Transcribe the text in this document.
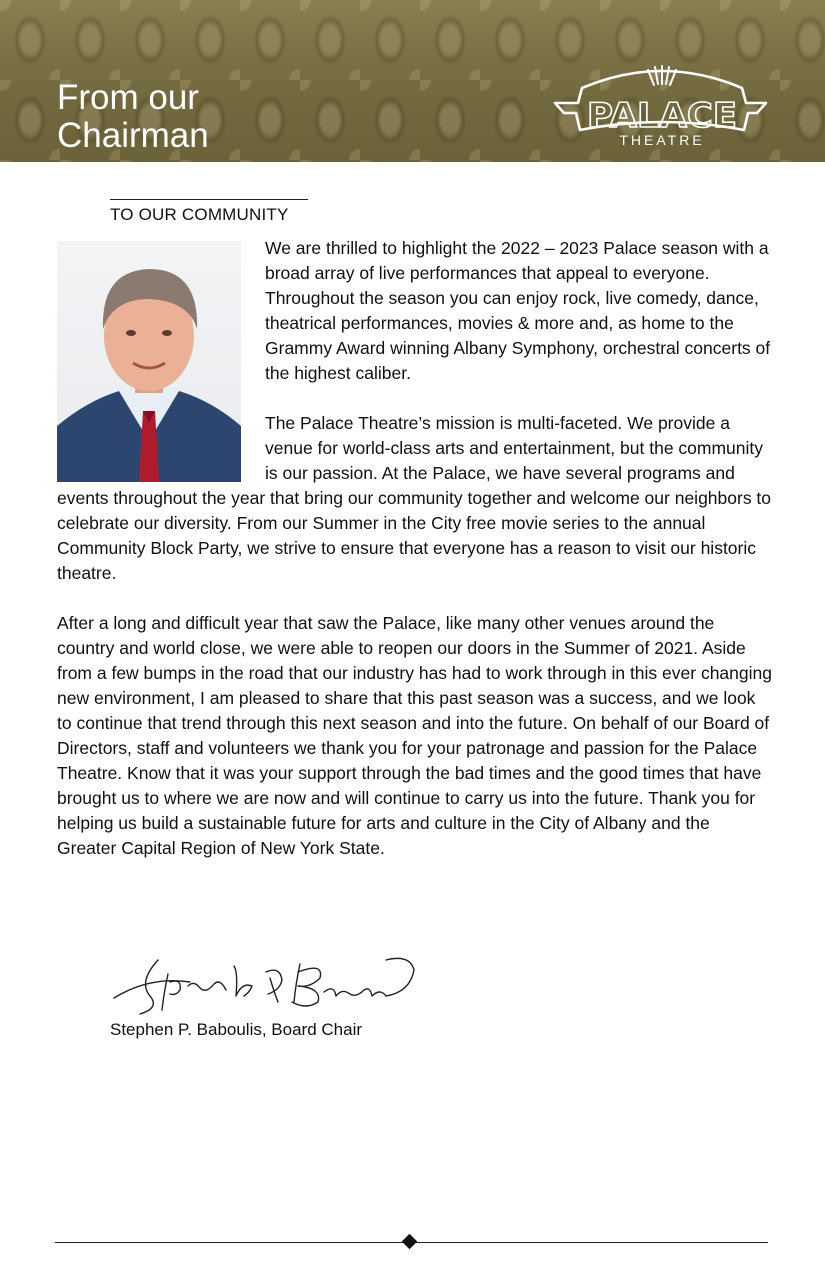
From our
Chairman	PALACE
THEATRE
TO OUR COMMUNITY

We are thrilled to highlight the 2022 – 2023 Palace season with a broad array of live performances that appeal to everyone. Throughout the season you can enjoy rock, live comedy, dance, theatrical performances, movies & more and, as home to the Grammy Award winning Albany Symphony, orchestral concerts of the highest caliber.

The Palace Theatre’s mission is multi-faceted. We provide a venue for world-class arts and entertainment, but the community is our passion. At the Palace, we have several programs and events throughout the year that bring our community together and welcome our neighbors to celebrate our diversity. From our Summer in the City free movie series to the annual Community Block Party, we strive to ensure that everyone has a reason to visit our historic theatre.

After a long and difficult year that saw the Palace, like many other venues around the country and world close, we were able to reopen our doors in the Summer of 2021. Aside from a few bumps in the road that our industry has had to work through in this ever changing new environment, I am pleased to share that this past season was a success, and we look to continue that trend through this next season and into the future. On behalf of our Board of Directors, staff and volunteers we thank you for your patronage and passion for the Palace Theatre. Know that it was your support through the bad times and the good times that have brought us to where we are now and will continue to carry us into the future. Thank you for helping us build a sustainable future for arts and culture in the City of Albany and the Greater Capital Region of New York State.

Stephen P. Baboulis, Board Chair
